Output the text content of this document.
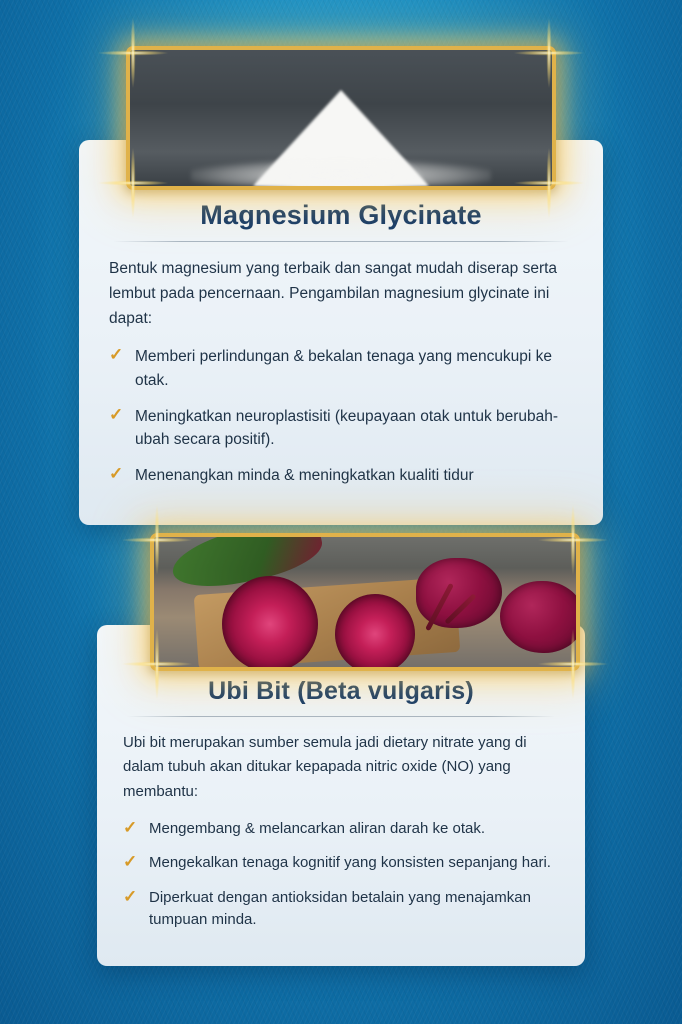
Magnesium Glycinate

Bentuk magnesium yang terbaik dan sangat mudah diserap serta lembut pada pencernaan. Pengambilan magnesium glycinate ini dapat:

✓ Memberi perlindungan & bekalan tenaga yang mencukupi ke otak.
✓ Meningkatkan neuroplastisiti (keupayaan otak untuk berubah-ubah secara positif).
✓ Menenangkan minda & meningkatkan kualiti tidur
Ubi Bit (Beta vulgaris)

Ubi bit merupakan sumber semula jadi dietary nitrate yang di dalam tubuh akan ditukar kepapada nitric oxide (NO) yang membantu:

✓ Mengembang & melancarkan aliran darah ke otak.
✓ Mengekalkan tenaga kognitif yang konsisten sepanjang hari.
✓ Diperkuat dengan antioksidan betalain yang menajamkan tumpuan minda.
